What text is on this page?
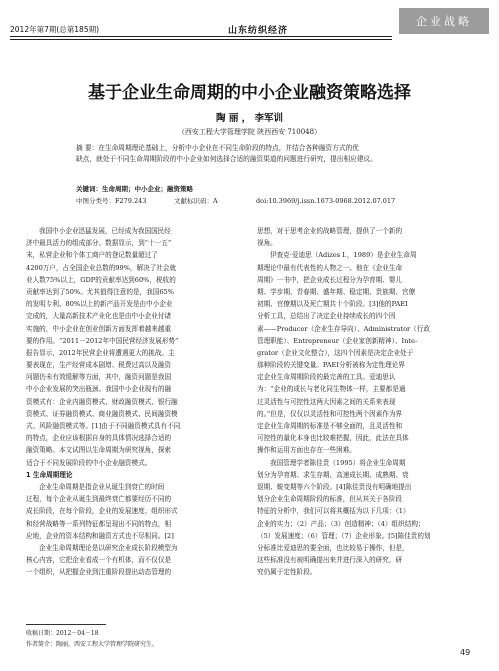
2012年第7期(总第185期)	山东纺织经济
企业战略
基于企业生命周期的中小企业融资策略选择
陶 丽 ， 李军训
（西安工程大学管理学院 陕西西安 710048）
摘 要：在生命周期理论基础上，分析中小企业在不同生命阶段的特点，并结合各种融资方式的优
缺点，就处于不同生命周期阶段的中小企业如何选择合适的融资渠道的问题进行研究，提出相应建议。
关键词：生命周期；中小企业；融资策略
中图分类号：F279.243	文献标识码：A	doi:10.3969/j.issn.1673-0968.2012.07.017
我国中小企业迅猛发展，已经成为我国国民经
济中最具活力的组成部分。数据显示，到“十一五”
末，私营企业和个体工商户的登记数量超过了
4200万户，占全国企业总数的99%，解决了社会就
业人数75%以上，GDP的贡献率达到60%，税收的
贡献率达到了50%。尤其值得注意的是，我国65%
的发明专利、80%以上的新产品开发是由中小企业
完成的，大量高新技术产业化也是由中小企业付诸
实施的，中小企业在创业创新方面发挥着越来越重
要的作用。“2011－2012年中国民营经济发展形势”
报告显示，2012年民营企业将遭遇更大的挑战。主
要表现在，生产经营成本剧增、税费过高以及融资
问题仍未有效缓解等方面，其中，融资问题是我国
中小企业发展的突出瓶颈。我国中小企业现有的融
资模式有：企业内融资模式、财政融资模式、银行融
资模式、证券融资模式、商业融资模式、民间融资模
式、风险融资模式等。[1]由于不同融资模式具有不同
的特点，企业应该根据自身的具体情况选择合适的
融资策略。本文试图以生命周期为研究视角，探索
适合于不同发展阶段的中小企业融资模式。
1 生命周期理论
企业生命周期是指企业从诞生到衰亡的时间
过程，每个企业从诞生到最终衰亡都要经历不同的
成长阶段，在每个阶段，企业的发展速度、组织形式
和经营战略等一系列特征都呈现出不同的特点，相
应地，企业的资本结构和融资方式也不尽相同。[2]
企业生命周期理论是以研究企业成长阶段模型为
核心内容，它把企业看成一个有机体，而不仅仅是
一个组织，从把握企业到注重阶段提出动态管理的
思想，对于思考企业的战略管理，提供了一个新的
视角。
伊查克·爱迪思（Adizes I.，1989）是企业生命周
期理论中最有代表性的人物之一。他在《企业生命
周期》一书中，把企业成长过程分为孕育期、婴儿
期、学步期、青春期、盛年期、稳定期、贵族期、官僚
初期、官僚期以及死亡期共十个阶段。[3]他的PAEI
分析工具，总结出了决定企业持续成长的四个因
素——Producer（企业生存导向）、Administrator（行政
管理职能）、Entrepreneur（企业家创新精神）、Inte-
grator（企业文化整合），这四个因素是决定企业处于
那种阶段的关键变量。PAEI分析被称为定性理论界
定企业生命周期阶段的最完善的工具。爱迪思认
为：“企业的成长与老化同生物体一样，主要都是通
过灵活性与可控性这两大因素之间的关系来表现
的。”但是，仅仅以灵活性和可控性两个因素作为界
定企业生命周期的标准是不够全面的，且灵活性和
可控性的量化本身也比较难把握，因此，此法在具体
操作和运用方面也存在一些困难。
我国管理学者陈佳贵（1995）将企业生命周期
划分为孕育期、求生存期、高速成长期、成熟期、衰
退期、蜕变期等六个阶段。[4]陈佳贵没有明确地提出
划分企业生命周期阶段的标准，但从其关于各阶段
特征的分析中，我们可以将其概括为以下几项：（1）
企业的实力；（2）产品；（3）创造精神；（4）组织结构；
（5）发展速度；（6）管理；（7）企业形象。[5]陈佳贵的划
分标准比爱迪思的要全面，也比较易于操作，但是，
这些标准没有被明确提出来并进行深入的研究，研
究仍属于定性阶段。
收稿日期：2012－04－18
作者简介：陶丽，西安工程大学管理学院研究生。
49
